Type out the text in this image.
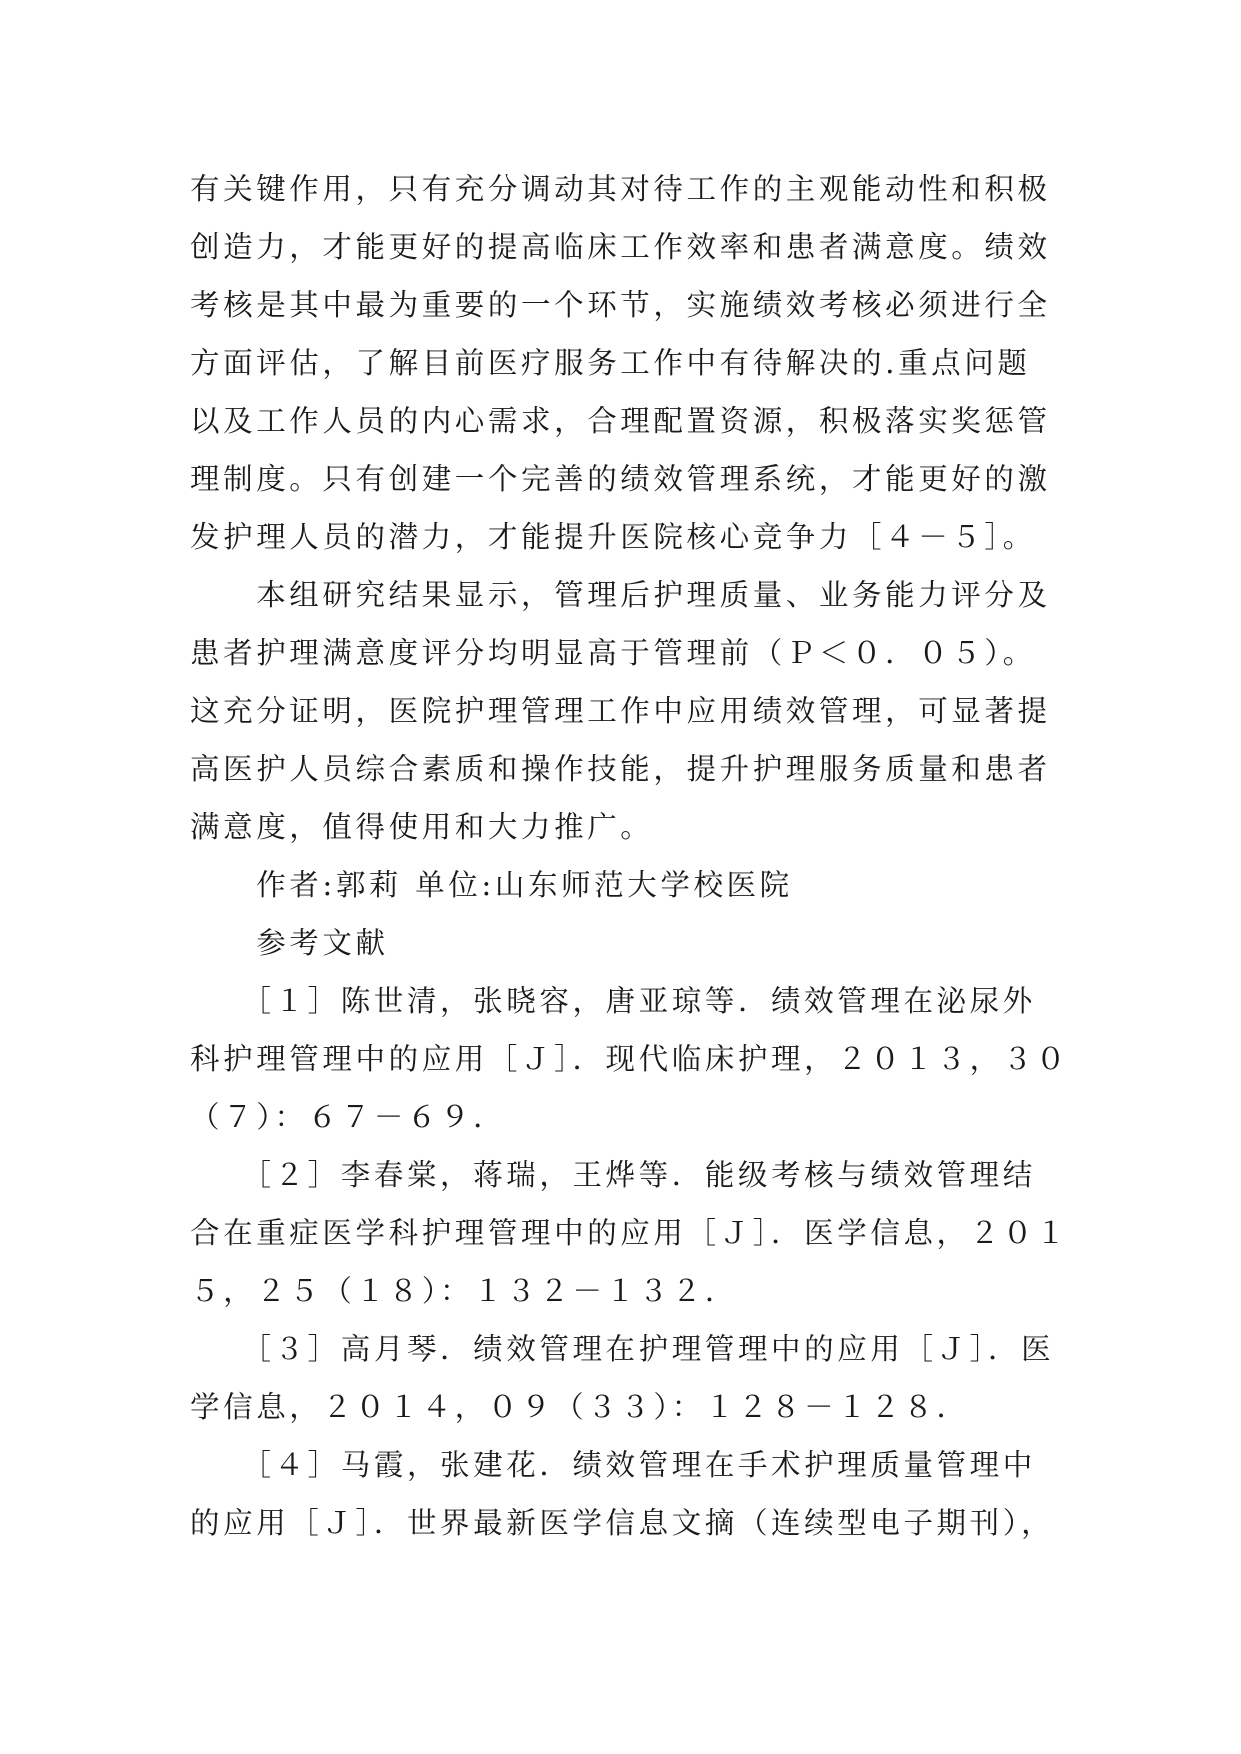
有关键作用，只有充分调动其对待工作的主观能动性和积极
创造力，才能更好的提高临床工作效率和患者满意度。绩效
考核是其中最为重要的一个环节，实施绩效考核必须进行全
方面评估，了解目前医疗服务工作中有待解决的.重点问题
以及工作人员的内心需求，合理配置资源，积极落实奖惩管
理制度。只有创建一个完善的绩效管理系统，才能更好的激
发护理人员的潜力，才能提升医院核心竞争力［４－５］。
　　本组研究结果显示，管理后护理质量、业务能力评分及
患者护理满意度评分均明显高于管理前（Ｐ＜０．０５）。
这充分证明，医院护理管理工作中应用绩效管理，可显著提
高医护人员综合素质和操作技能，提升护理服务质量和患者
满意度，值得使用和大力推广。
　　作者:郭莉 单位:山东师范大学校医院
　　参考文献
　　［１］陈世清，张晓容，唐亚琼等．绩效管理在泌尿外
科护理管理中的应用［Ｊ］．现代临床护理，２０１３，３０
（７）：６７－６９．
　　［２］李春棠，蒋瑞，王烨等．能级考核与绩效管理结
合在重症医学科护理管理中的应用［Ｊ］．医学信息，２０１
５，２５（１８）：１３２－１３２．
　　［３］高月琴．绩效管理在护理管理中的应用［Ｊ］．医
学信息，２０１４，０９（３３）：１２８－１２８．
　　［４］马霞，张建花．绩效管理在手术护理质量管理中
的应用［Ｊ］．世界最新医学信息文摘（连续型电子期刊），
